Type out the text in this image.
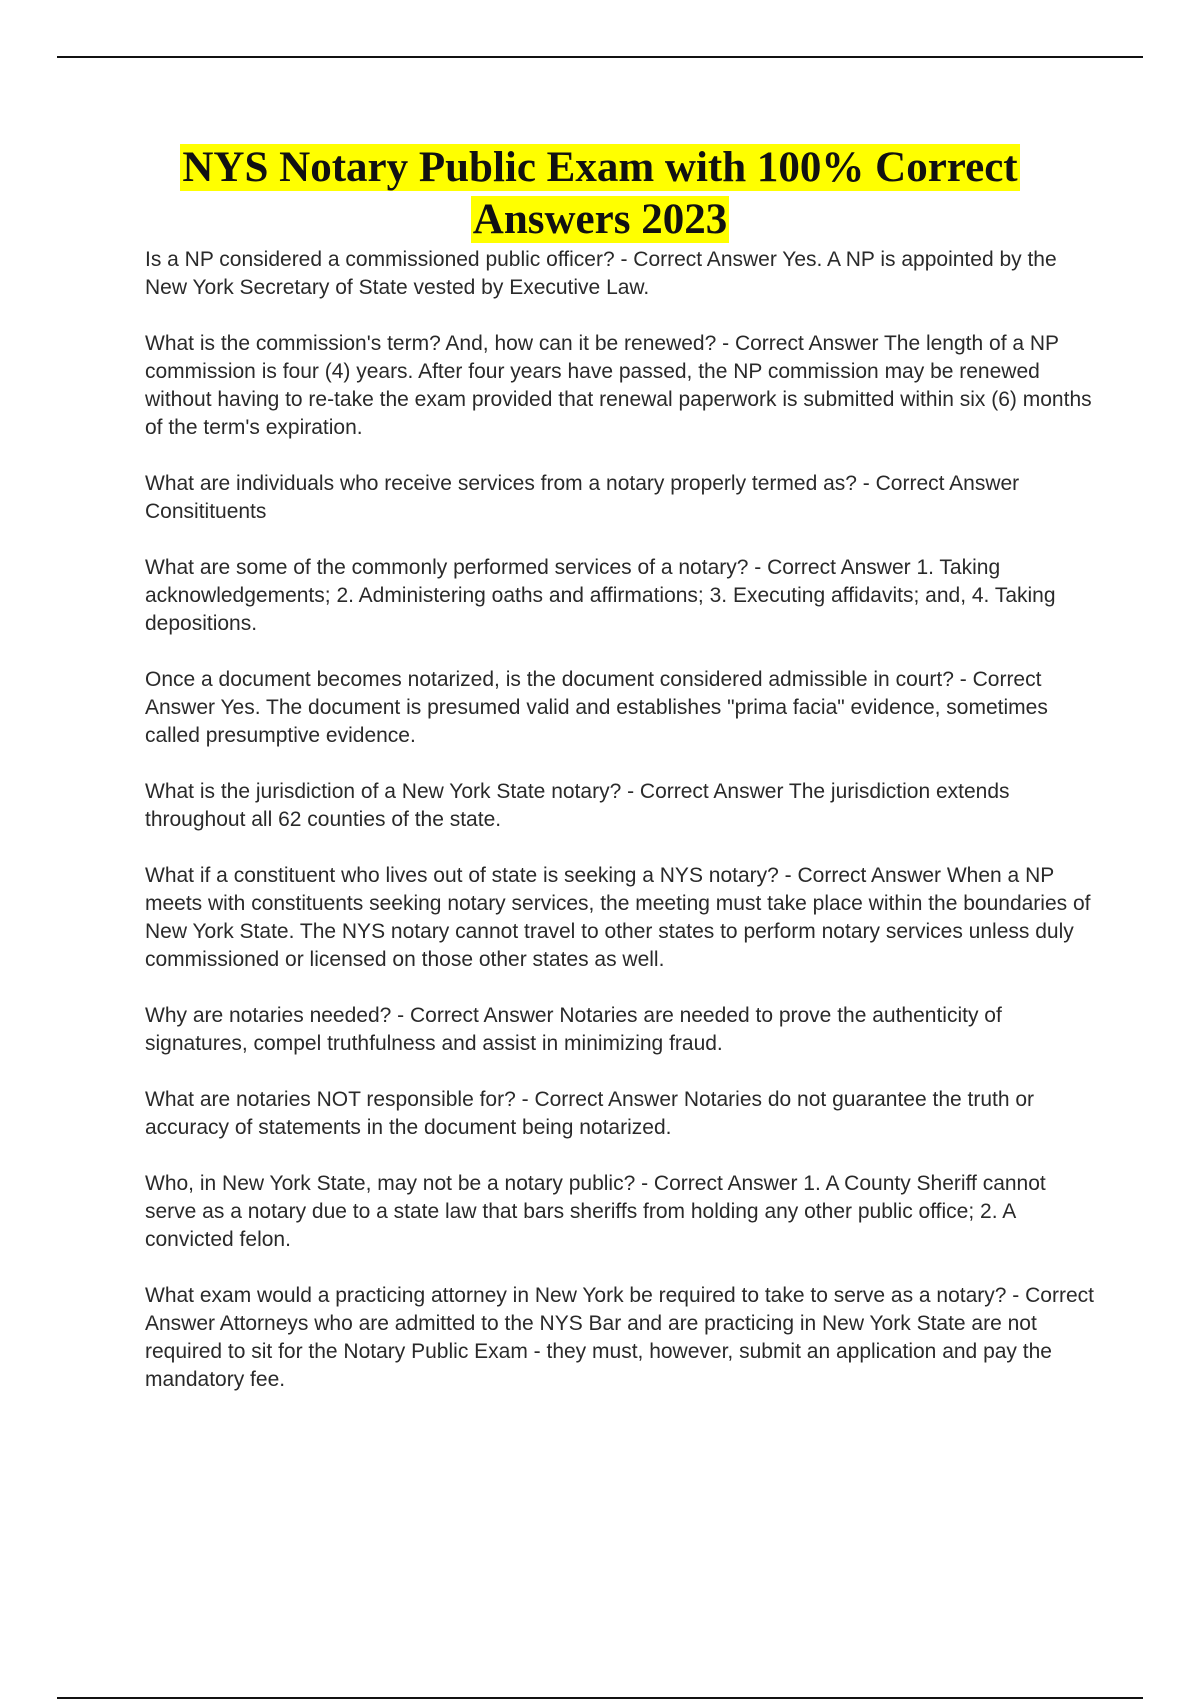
NYS Notary Public Exam with 100% Correct
Answers 2023

Is a NP considered a commissioned public officer? - Correct Answer Yes. A NP is appointed by the New York Secretary of State vested by Executive Law.

What is the commission's term? And, how can it be renewed? - Correct Answer The length of a NP commission is four (4) years. After four years have passed, the NP commission may be renewed without having to re-take the exam provided that renewal paperwork is submitted within six (6) months of the term's expiration.

What are individuals who receive services from a notary properly termed as? - Correct Answer Consitituents

What are some of the commonly performed services of a notary? - Correct Answer 1. Taking acknowledgements; 2. Administering oaths and affirmations; 3. Executing affidavits; and, 4. Taking depositions.

Once a document becomes notarized, is the document considered admissible in court? - Correct Answer Yes. The document is presumed valid and establishes "prima facia" evidence, sometimes called presumptive evidence.

What is the jurisdiction of a New York State notary? - Correct Answer The jurisdiction extends throughout all 62 counties of the state.

What if a constituent who lives out of state is seeking a NYS notary? - Correct Answer When a NP meets with constituents seeking notary services, the meeting must take place within the boundaries of New York State. The NYS notary cannot travel to other states to perform notary services unless duly commissioned or licensed on those other states as well.

Why are notaries needed? - Correct Answer Notaries are needed to prove the authenticity of signatures, compel truthfulness and assist in minimizing fraud.

What are notaries NOT responsible for? - Correct Answer Notaries do not guarantee the truth or accuracy of statements in the document being notarized.

Who, in New York State, may not be a notary public? - Correct Answer 1. A County Sheriff cannot serve as a notary due to a state law that bars sheriffs from holding any other public office; 2. A convicted felon.

What exam would a practicing attorney in New York be required to take to serve as a notary? - Correct Answer Attorneys who are admitted to the NYS Bar and are practicing in New York State are not required to sit for the Notary Public Exam - they must, however, submit an application and pay the mandatory fee.
